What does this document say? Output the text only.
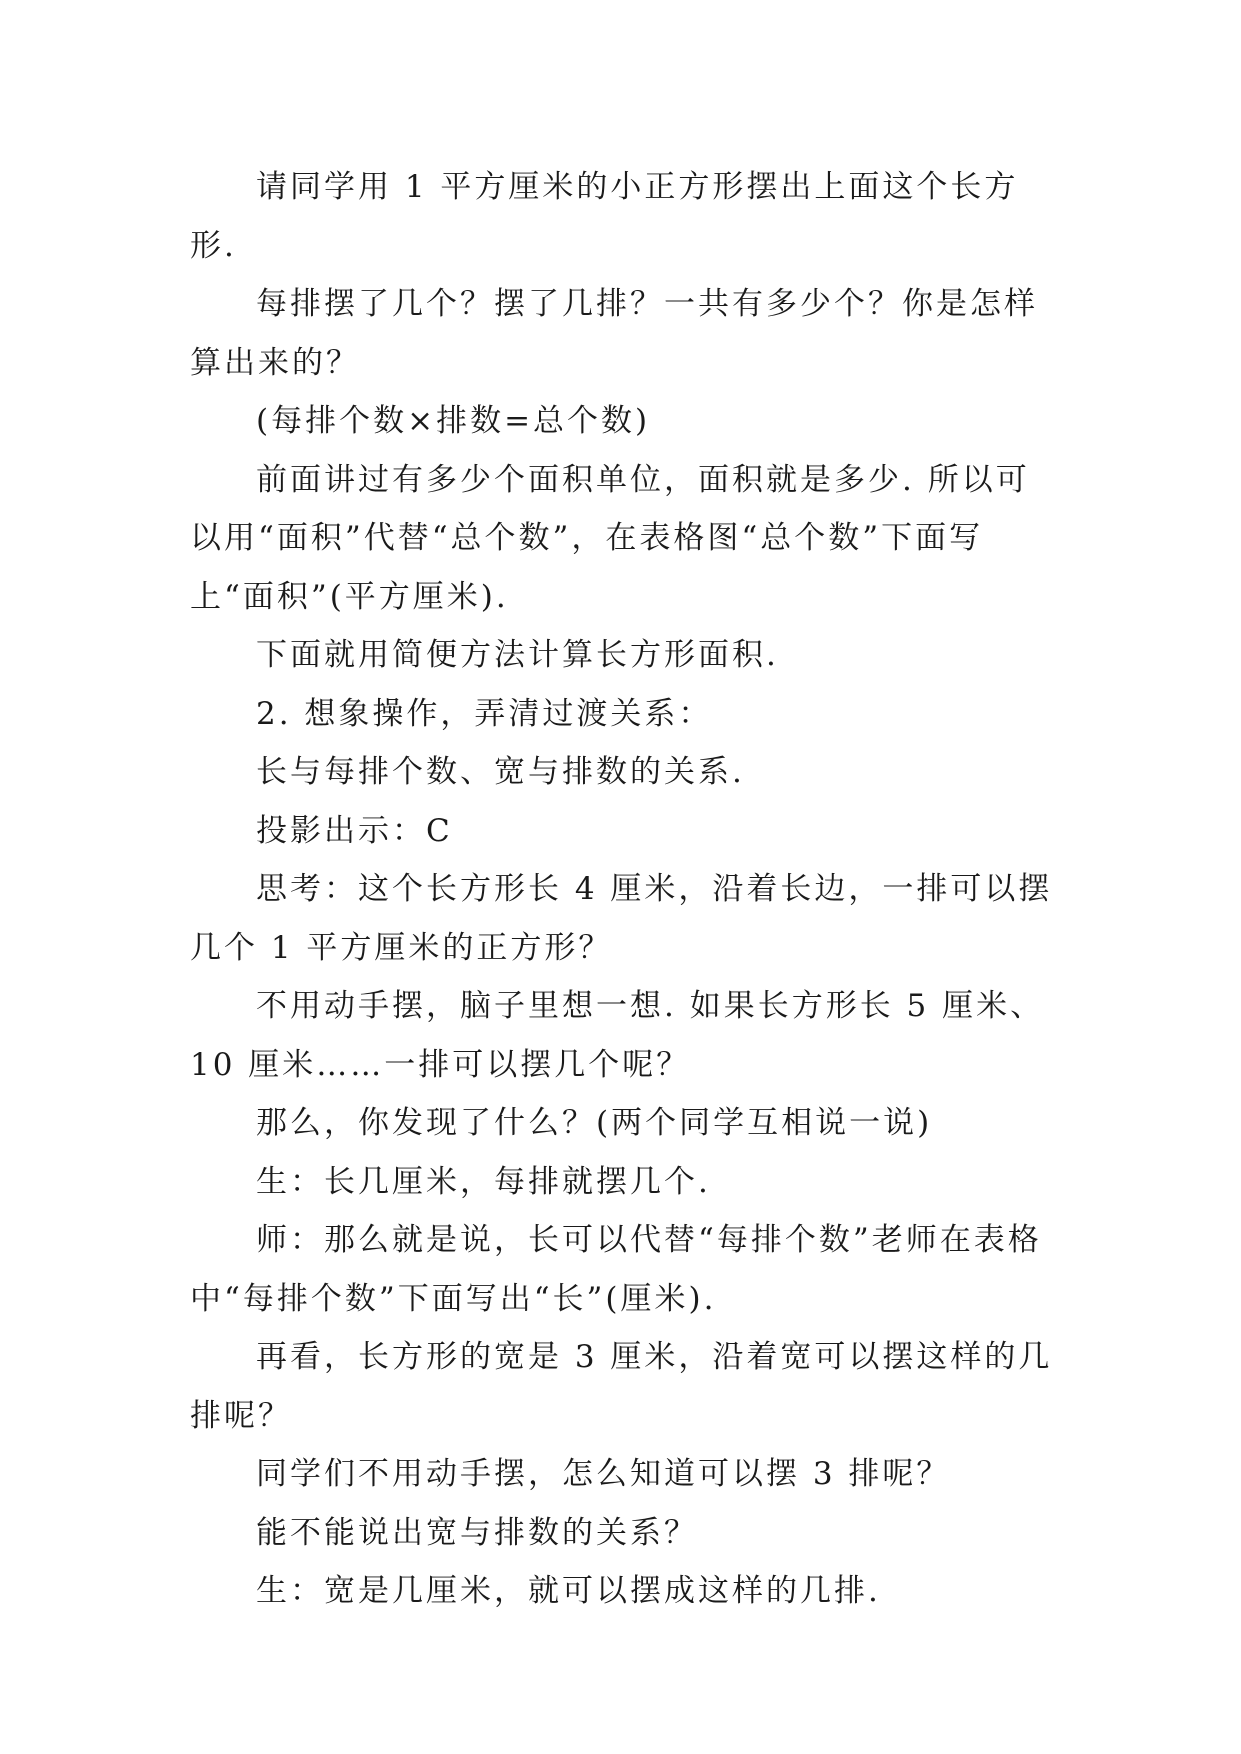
请同学用 1 平方厘米的小正方形摆出上面这个长方形.

每排摆了几个？摆了几排？一共有多少个？你是怎样算出来的？

(每排个数×排数=总个数)

前面讲过有多少个面积单位，面积就是多少. 所以可以用“面积”代替“总个数”，在表格图“总个数”下面写上“面积”(平方厘米).

下面就用简便方法计算长方形面积.

2. 想象操作，弄清过渡关系：

长与每排个数、宽与排数的关系.

投影出示：C

思考：这个长方形长 4 厘米，沿着长边，一排可以摆几个 1 平方厘米的正方形？

不用动手摆，脑子里想一想. 如果长方形长 5 厘米、10 厘米……一排可以摆几个呢？

那么，你发现了什么？(两个同学互相说一说)

生：长几厘米，每排就摆几个.

师：那么就是说，长可以代替“每排个数”老师在表格中“每排个数”下面写出“长”(厘米).

再看，长方形的宽是 3 厘米，沿着宽可以摆这样的几排呢？

同学们不用动手摆，怎么知道可以摆 3 排呢？

能不能说出宽与排数的关系？

生：宽是几厘米，就可以摆成这样的几排.
